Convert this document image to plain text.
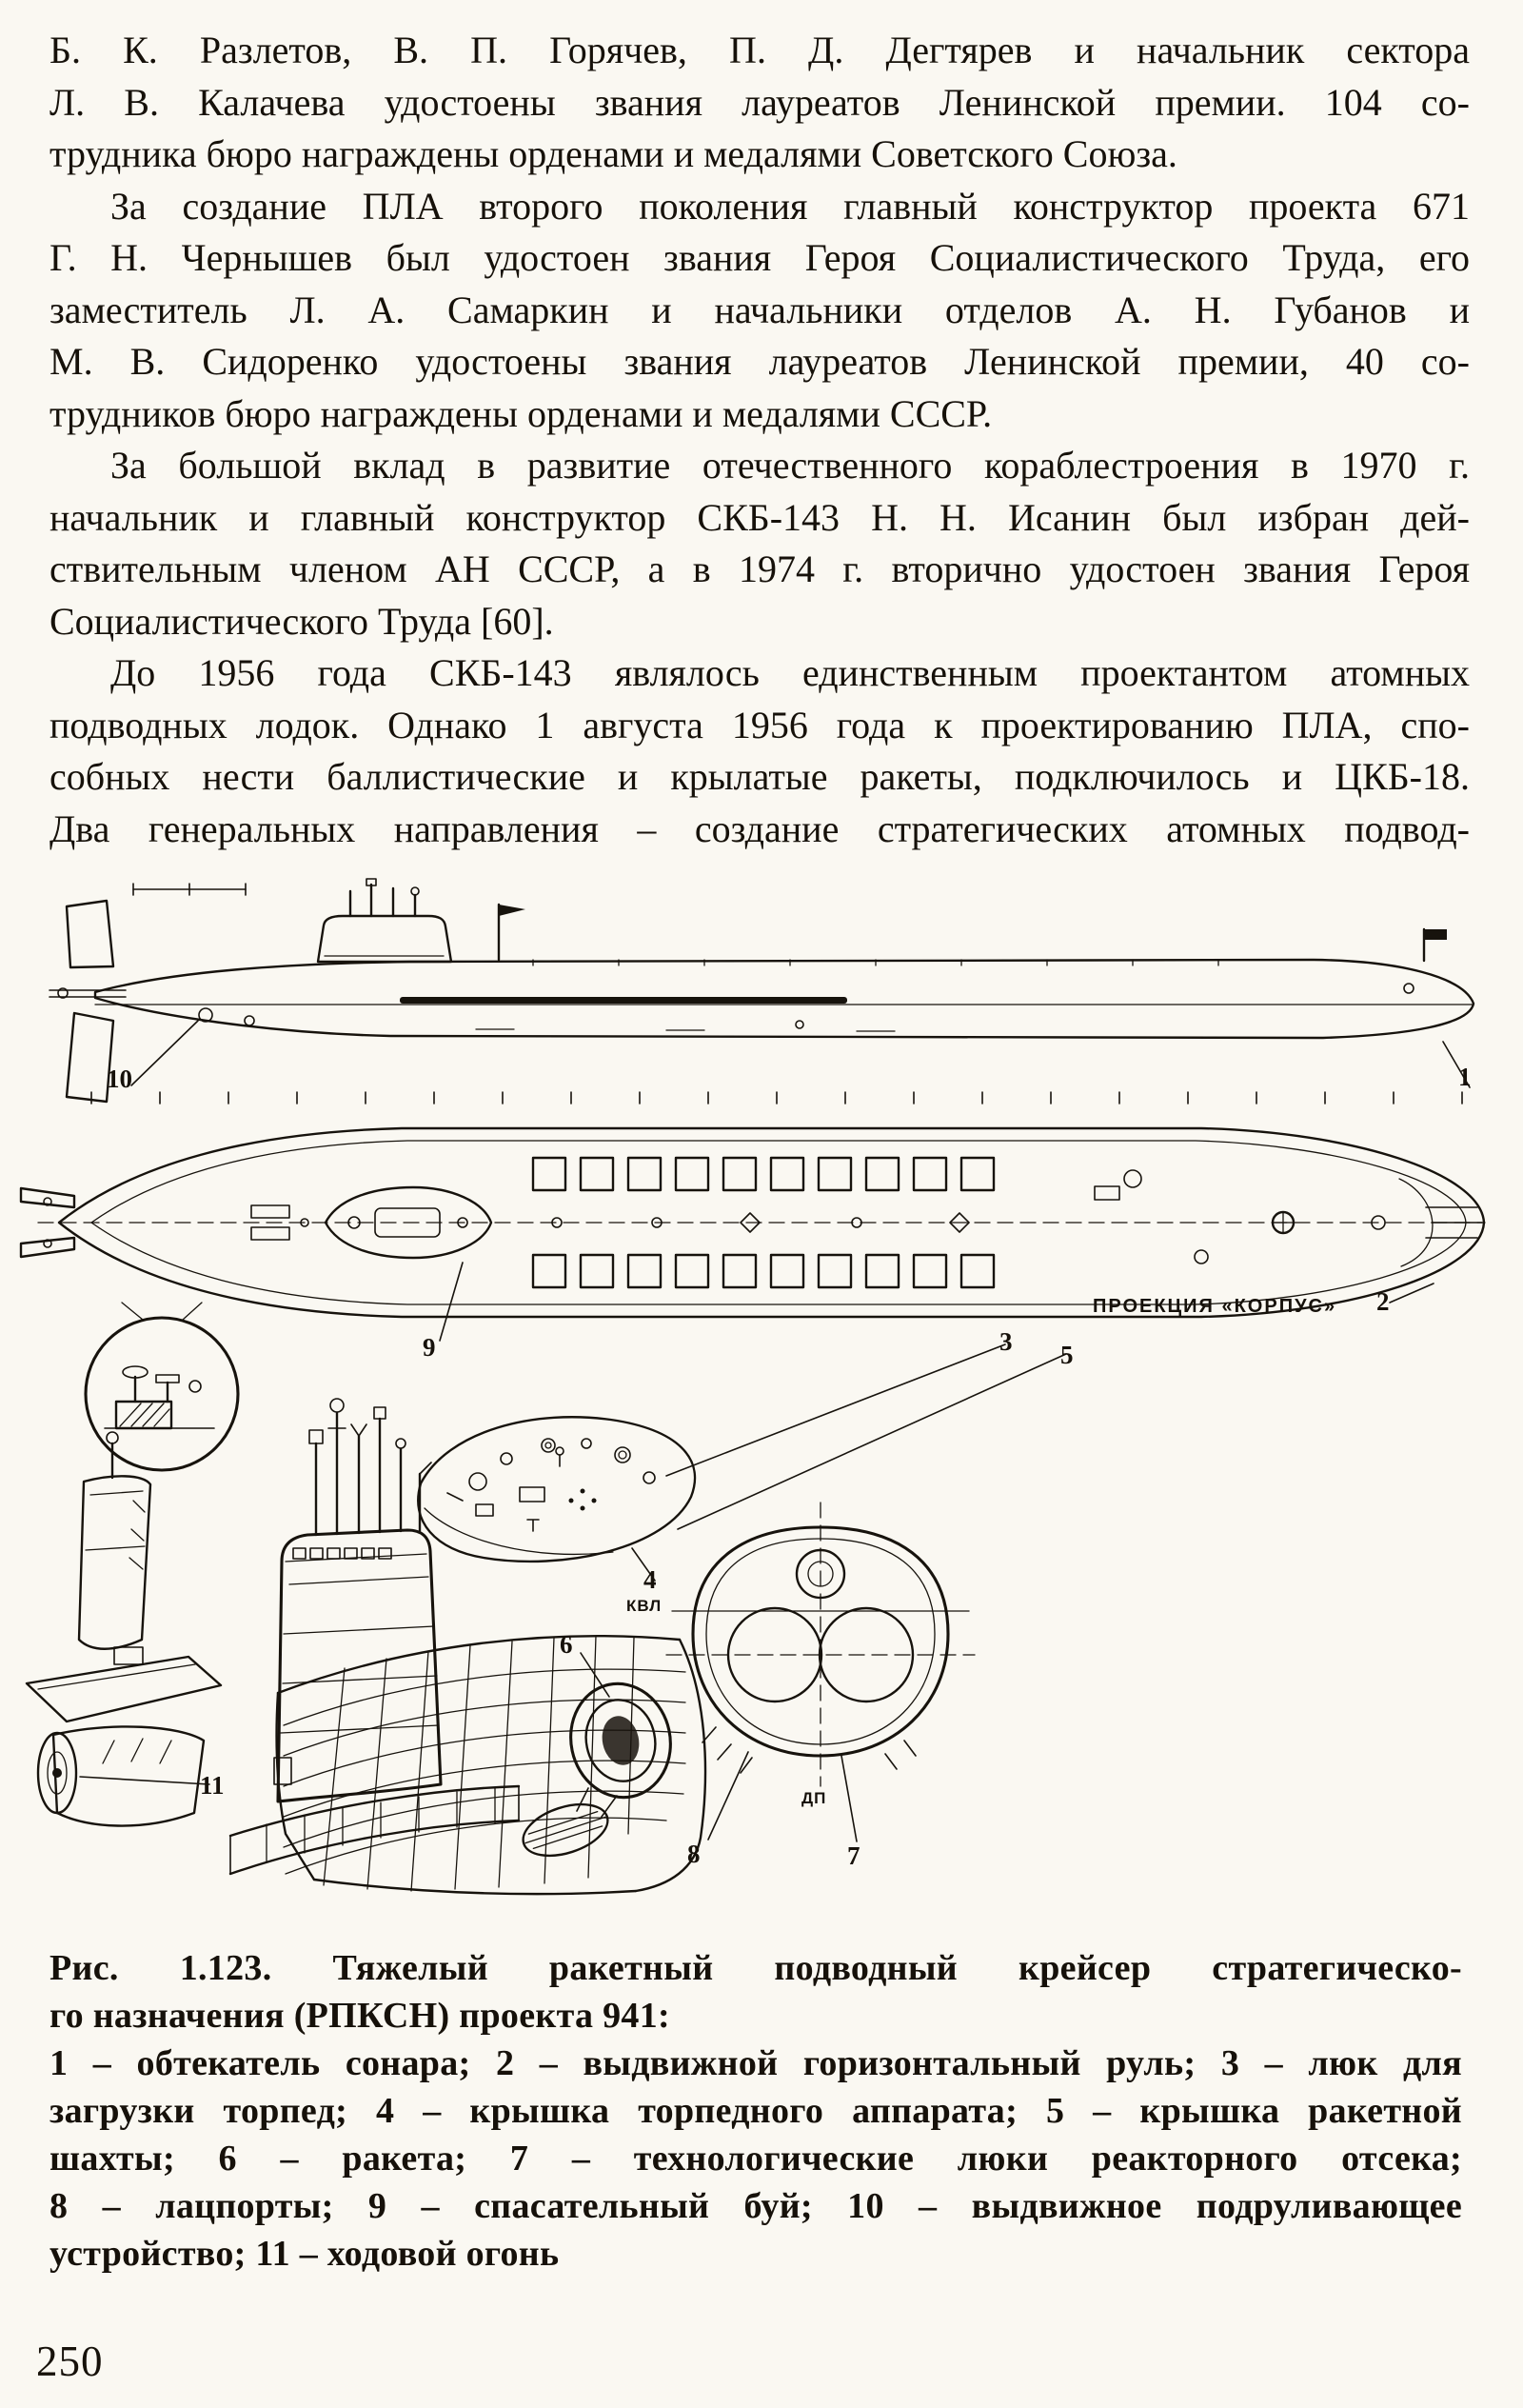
Б. К. Разлетов, В. П. Горячев, П. Д. Дегтярев и начальник сектора
Л. В. Калачева удостоены звания лауреатов Ленинской премии. 104 со-
трудника бюро награждены орденами и медалями Советского Союза.
За создание ПЛА второго поколения главный конструктор проекта 671
Г. Н. Чернышев был удостоен звания Героя Социалистического Труда, его
заместитель Л. А. Самаркин и начальники отделов А. Н. Губанов и
М. В. Сидоренко удостоены звания лауреатов Ленинской премии, 40 со-
трудников бюро награждены орденами и медалями СССР.
За большой вклад в развитие отечественного кораблестроения в 1970 г.
начальник и главный конструктор СКБ-143 Н. Н. Исанин был избран дей-
ствительным членом АН СССР, а в 1974 г. вторично удостоен звания Героя
Социалистического Труда [60].
До 1956 года СКБ-143 являлось единственным проектантом атомных
подводных лодок. Однако 1 августа 1956 года к проектированию ПЛА, спо-
собных нести баллистические и крылатые ракеты, подключилось и ЦКБ-18.
Два генеральных направления – создание стратегических атомных подвод-
10	1
9	3 5
ПРОЕКЦИЯ «КОРПУС» 2
4
6
7
8
11
КВЛ
ДП
Рис. 1.123. Тяжелый ракетный подводный крейсер стратегическо-
го назначения (РПКСН) проекта 941:
1 – обтекатель сонара; 2 – выдвижной горизонтальный руль; 3 – люк для
загрузки торпед; 4 – крышка торпедного аппарата; 5 – крышка ракетной
шахты; 6 – ракета; 7 – технологические люки реакторного отсека;
8 – лацпорты; 9 – спасательный буй; 10 – выдвижное подруливающее
устройство; 11 – ходовой огонь
250
